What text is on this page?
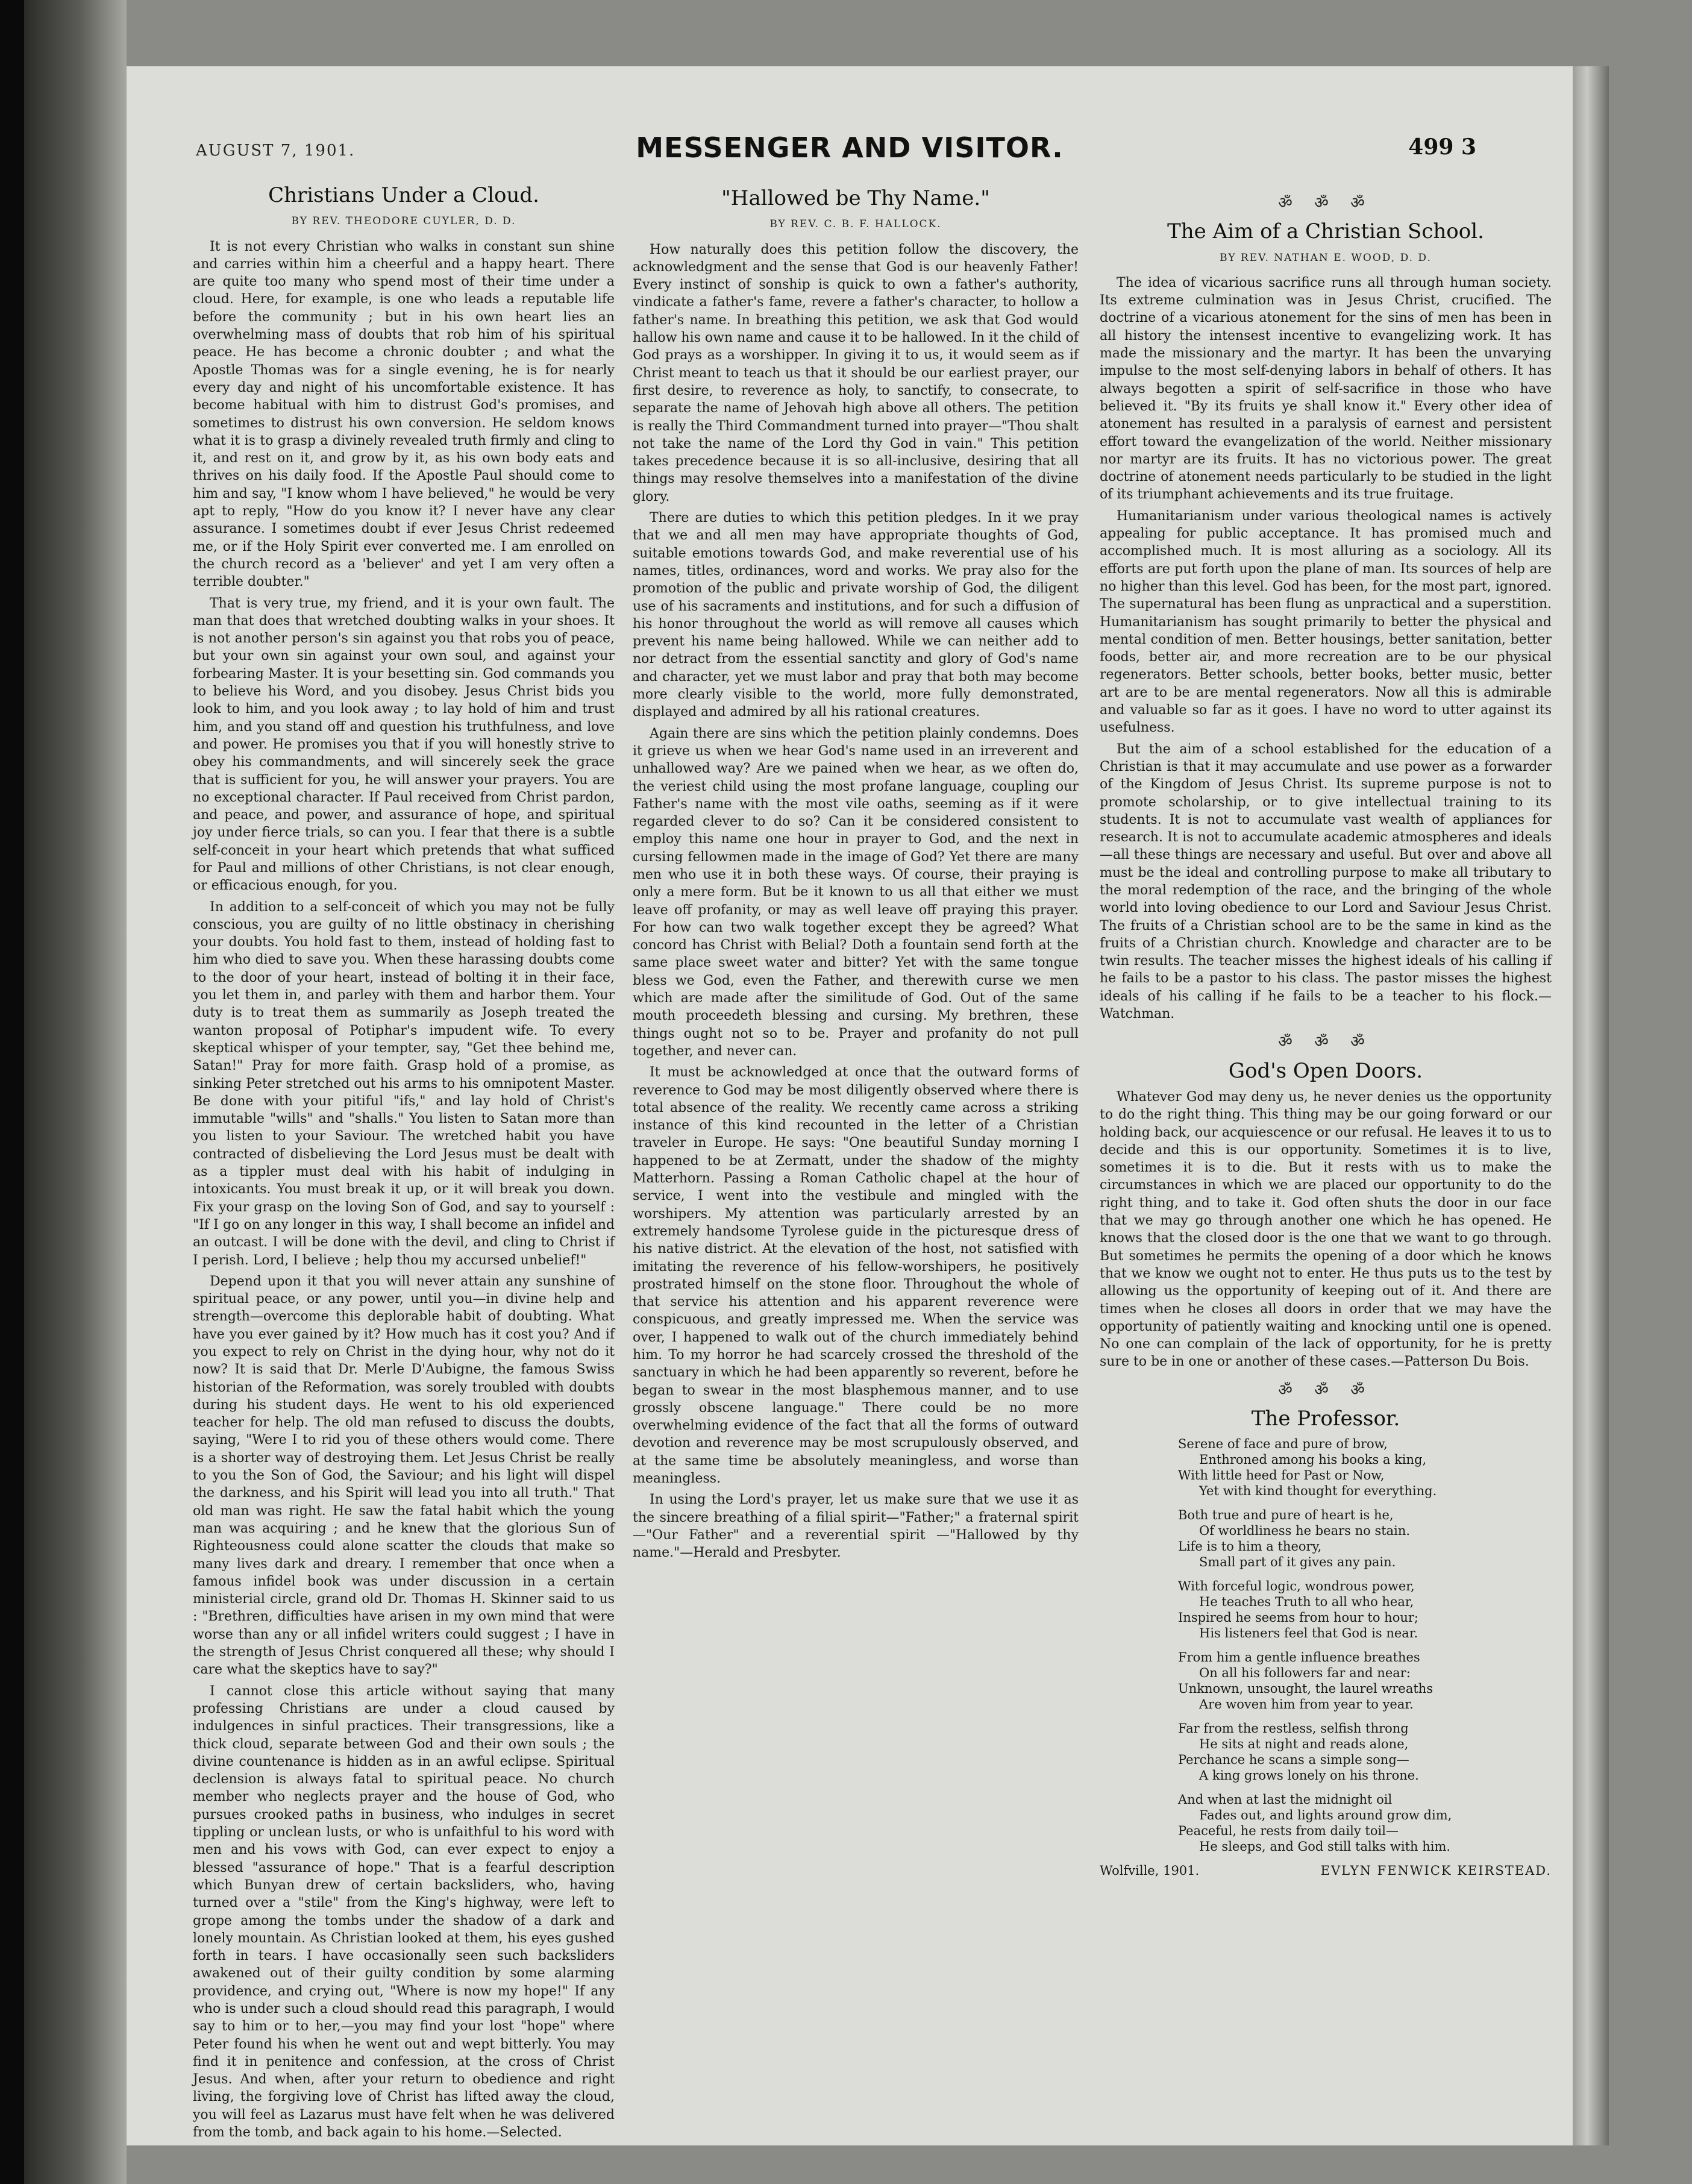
AUGUST 7, 1901.	MESSENGER AND VISITOR.	499 3
Christians Under a Cloud.
BY REV. THEODORE CUYLER, D. D.

It is not every Christian who walks in constant sun shine and carries within him a cheerful and a happy heart. There are quite too many who spend most of their time under a cloud. Here, for example, is one who leads a reputable life before the community ; but in his own heart lies an overwhelming mass of doubts that rob him of his spiritual peace. He has become a chronic doubter ; and what the Apostle Thomas was for a single evening, he is for nearly every day and night of his uncomfortable existence. It has become habitual with him to distrust God's promises, and sometimes to distrust his own conversion. He seldom knows what it is to grasp a divinely revealed truth firmly and cling to it, and rest on it, and grow by it, as his own body eats and thrives on his daily food. If the Apostle Paul should come to him and say, "I know whom I have believed," he would be very apt to reply, "How do you know it? I never have any clear assurance. I sometimes doubt if ever Jesus Christ redeemed me, or if the Holy Spirit ever converted me. I am enrolled on the church record as a 'believer' and yet I am very often a terrible doubter."

That is very true, my friend, and it is your own fault. The man that does that wretched doubting walks in your shoes. It is not another person's sin against you that robs you of peace, but your own sin against your own soul, and against your forbearing Master. It is your besetting sin. God commands you to believe his Word, and you disobey. Jesus Christ bids you look to him, and you look away ; to lay hold of him and trust him, and you stand off and question his truthfulness, and love and power. He promises you that if you will honestly strive to obey his commandments, and will sincerely seek the grace that is sufficient for you, he will answer your prayers. You are no exceptional character. If Paul received from Christ pardon, and peace, and power, and assurance of hope, and spiritual joy under fierce trials, so can you. I fear that there is a subtle self-conceit in your heart which pretends that what sufficed for Paul and millions of other Christians, is not clear enough, or efficacious enough, for you.

In addition to a self-conceit of which you may not be fully conscious, you are guilty of no little obstinacy in cherishing your doubts. You hold fast to them, instead of holding fast to him who died to save you. When these harassing doubts come to the door of your heart, instead of bolting it in their face, you let them in, and parley with them and harbor them. Your duty is to treat them as summarily as Joseph treated the wanton proposal of Potiphar's impudent wife. To every skeptical whisper of your tempter, say, "Get thee behind me, Satan!" Pray for more faith. Grasp hold of a promise, as sinking Peter stretched out his arms to his omnipotent Master. Be done with your pitiful "ifs," and lay hold of Christ's immutable "wills" and "shalls." You listen to Satan more than you listen to your Saviour. The wretched habit you have contracted of disbelieving the Lord Jesus must be dealt with as a tippler must deal with his habit of indulging in intoxicants. You must break it up, or it will break you down. Fix your grasp on the loving Son of God, and say to yourself : "If I go on any longer in this way, I shall become an infidel and an outcast. I will be done with the devil, and cling to Christ if I perish. Lord, I believe ; help thou my accursed unbelief!"

Depend upon it that you will never attain any sunshine of spiritual peace, or any power, until you—in divine help and strength—overcome this deplorable habit of doubting. What have you ever gained by it? How much has it cost you? And if you expect to rely on Christ in the dying hour, why not do it now? It is said that Dr. Merle D'Aubigne, the famous Swiss historian of the Reformation, was sorely troubled with doubts during his student days. He went to his old experienced teacher for help. The old man refused to discuss the doubts, saying, "Were I to rid you of these others would come. There is a shorter way of destroying them. Let Jesus Christ be really to you the Son of God, the Saviour; and his light will dispel the darkness, and his Spirit will lead you into all truth." That old man was right. He saw the fatal habit which the young man was acquiring ; and he knew that the glorious Sun of Righteousness could alone scatter the clouds that make so many lives dark and dreary. I remember that once when a famous infidel book was under discussion in a certain ministerial circle, grand old Dr. Thomas H. Skinner said to us : "Brethren, difficulties have arisen in my own mind that were worse than any or all infidel writers could suggest ; I have in the strength of Jesus Christ conquered all these; why should I care what the skeptics have to say?"

I cannot close this article without saying that many professing Christians are under a cloud caused by indulgences in sinful practices. Their transgressions, like a thick cloud, separate between God and their own souls ; the divine countenance is hidden as in an awful eclipse. Spiritual declension is always fatal to spiritual peace. No church member who neglects prayer and the house of God, who pursues crooked paths in business, who indulges in secret tippling or unclean lusts, or who is unfaithful to his word with men and his vows with God, can ever expect to enjoy a blessed "assurance of hope." That is a fearful description which Bunyan drew of certain backsliders, who, having turned over a "stile" from the King's highway, were left to grope among the tombs under the shadow of a dark and lonely mountain. As Christian looked at them, his eyes gushed forth in tears. I have occasionally seen such backsliders awakened out of their guilty condition by some alarming providence, and crying out, "Where is now my hope!" If any who is under such a cloud should read this paragraph, I would say to him or to her,—you may find your lost "hope" where Peter found his when he went out and wept bitterly. You may find it in penitence and confession, at the cross of Christ Jesus. And when, after your return to obedience and right living, the forgiving love of Christ has lifted away the cloud, you will feel as Lazarus must have felt when he was delivered from the tomb, and back again to his home.—Selected.

"Hallowed be Thy Name."
BY REV. C. B. F. HALLOCK.

How naturally does this petition follow the discovery, the acknowledgment and the sense that God is our heavenly Father! Every instinct of sonship is quick to own a father's authority, vindicate a father's fame, revere a father's character, to hollow a father's name. In breathing this petition, we ask that God would hallow his own name and cause it to be hallowed. In it the child of God prays as a worshipper. In giving it to us, it would seem as if Christ meant to teach us that it should be our earliest prayer, our first desire, to reverence as holy, to sanctify, to consecrate, to separate the name of Jehovah high above all others. The petition is really the Third Commandment turned into prayer—"Thou shalt not take the name of the Lord thy God in vain." This petition takes precedence because it is so all-inclusive, desiring that all things may resolve themselves into a manifestation of the divine glory.

There are duties to which this petition pledges. In it we pray that we and all men may have appropriate thoughts of God, suitable emotions towards God, and make reverential use of his names, titles, ordinances, word and works. We pray also for the promotion of the public and private worship of God, the diligent use of his sacraments and institutions, and for such a diffusion of his honor throughout the world as will remove all causes which prevent his name being hallowed. While we can neither add to nor detract from the essential sanctity and glory of God's name and character, yet we must labor and pray that both may become more clearly visible to the world, more fully demonstrated, displayed and admired by all his rational creatures.

Again there are sins which the petition plainly condemns. Does it grieve us when we hear God's name used in an irreverent and unhallowed way? Are we pained when we hear, as we often do, the veriest child using the most profane language, coupling our Father's name with the most vile oaths, seeming as if it were regarded clever to do so? Can it be considered consistent to employ this name one hour in prayer to God, and the next in cursing fellowmen made in the image of God? Yet there are many men who use it in both these ways. Of course, their praying is only a mere form. But be it known to us all that either we must leave off profanity, or may as well leave off praying this prayer. For how can two walk together except they be agreed? What concord has Christ with Belial? Doth a fountain send forth at the same place sweet water and bitter? Yet with the same tongue bless we God, even the Father, and therewith curse we men which are made after the similitude of God. Out of the same mouth proceedeth blessing and cursing. My brethren, these things ought not so to be. Prayer and profanity do not pull together, and never can.

It must be acknowledged at once that the outward forms of reverence to God may be most diligently observed where there is total absence of the reality. We recently came across a striking instance of this kind recounted in the letter of a Christian traveler in Europe. He says: "One beautiful Sunday morning I happened to be at Zermatt, under the shadow of the mighty Matterhorn. Passing a Roman Catholic chapel at the hour of service, I went into the vestibule and mingled with the worshipers. My attention was particularly arrested by an extremely handsome Tyrolese guide in the picturesque dress of his native district. At the elevation of the host, not satisfied with imitating the reverence of his fellow-worshipers, he positively prostrated himself on the stone floor. Throughout the whole of that service his attention and his apparent reverence were conspicuous, and greatly impressed me. When the service was over, I happened to walk out of the church immediately behind him. To my horror he had scarcely crossed the threshold of the sanctuary in which he had been apparently so reverent, before he began to swear in the most blasphemous manner, and to use grossly obscene language." There could be no more overwhelming evidence of the fact that all the forms of outward devotion and reverence may be most scrupulously observed, and at the same time be absolutely meaningless, and worse than meaningless.

In using the Lord's prayer, let us make sure that we use it as the sincere breathing of a filial spirit—"Father;" a fraternal spirit—"Our Father" and a reverential spirit —"Hallowed by thy name."—Herald and Presbyter.

ॐ ॐ ॐ
The Aim of a Christian School.
BY REV. NATHAN E. WOOD, D. D.

The idea of vicarious sacrifice runs all through human society. Its extreme culmination was in Jesus Christ, crucified. The doctrine of a vicarious atonement for the sins of men has been in all history the intensest incentive to evangelizing work. It has made the missionary and the martyr. It has been the unvarying impulse to the most self-denying labors in behalf of others. It has always begotten a spirit of self-sacrifice in those who have believed it. "By its fruits ye shall know it." Every other idea of atonement has resulted in a paralysis of earnest and persistent effort toward the evangelization of the world. Neither missionary nor martyr are its fruits. It has no victorious power. The great doctrine of atonement needs particularly to be studied in the light of its triumphant achievements and its true fruitage.

Humanitarianism under various theological names is actively appealing for public acceptance. It has promised much and accomplished much. It is most alluring as a sociology. All its efforts are put forth upon the plane of man. Its sources of help are no higher than this level. God has been, for the most part, ignored. The supernatural has been flung as unpractical and a superstition. Humanitarianism has sought primarily to better the physical and mental condition of men. Better housings, better sanitation, better foods, better air, and more recreation are to be our physical regenerators. Better schools, better books, better music, better art are to be are mental regenerators. Now all this is admirable and valuable so far as it goes. I have no word to utter against its usefulness.

But the aim of a school established for the education of a Christian is that it may accumulate and use power as a forwarder of the Kingdom of Jesus Christ. Its supreme purpose is not to promote scholarship, or to give intellectual training to its students. It is not to accumulate vast wealth of appliances for research. It is not to accumulate academic atmospheres and ideals—all these things are necessary and useful. But over and above all must be the ideal and controlling purpose to make all tributary to the moral redemption of the race, and the bringing of the whole world into loving obedience to our Lord and Saviour Jesus Christ. The fruits of a Christian school are to be the same in kind as the fruits of a Christian church. Knowledge and character are to be twin results. The teacher misses the highest ideals of his calling if he fails to be a pastor to his class. The pastor misses the highest ideals of his calling if he fails to be a teacher to his flock.—Watchman.

ॐ ॐ ॐ
God's Open Doors.

Whatever God may deny us, he never denies us the opportunity to do the right thing. This thing may be our going forward or our holding back, our acquiescence or our refusal. He leaves it to us to decide and this is our opportunity. Sometimes it is to live, sometimes it is to die. But it rests with us to make the circumstances in which we are placed our opportunity to do the right thing, and to take it. God often shuts the door in our face that we may go through another one which he has opened. He knows that the closed door is the one that we want to go through. But sometimes he permits the opening of a door which he knows that we know we ought not to enter. He thus puts us to the test by allowing us the opportunity of keeping out of it. And there are times when he closes all doors in order that we may have the opportunity of patiently waiting and knocking until one is opened. No one can complain of the lack of opportunity, for he is pretty sure to be in one or another of these cases.—Patterson Du Bois.

ॐ ॐ ॐ
The Professor.
Serene of face and pure of brow,
Enthroned among his books a king,
With little heed for Past or Now,
Yet with kind thought for everything.
Both true and pure of heart is he,
Of worldliness he bears no stain.
Life is to him a theory,
Small part of it gives any pain.
With forceful logic, wondrous power,
He teaches Truth to all who hear,
Inspired he seems from hour to hour;
His listeners feel that God is near.
From him a gentle influence breathes
On all his followers far and near:
Unknown, unsought, the laurel wreaths
Are woven him from year to year.
Far from the restless, selfish throng
He sits at night and reads alone,
Perchance he scans a simple song—
A king grows lonely on his throne.
And when at last the midnight oil
Fades out, and lights around grow dim,
Peaceful, he rests from daily toil—
He sleeps, and God still talks with him.
Wolfville, 1901.	EVLYN FENWICK KEIRSTEAD.
